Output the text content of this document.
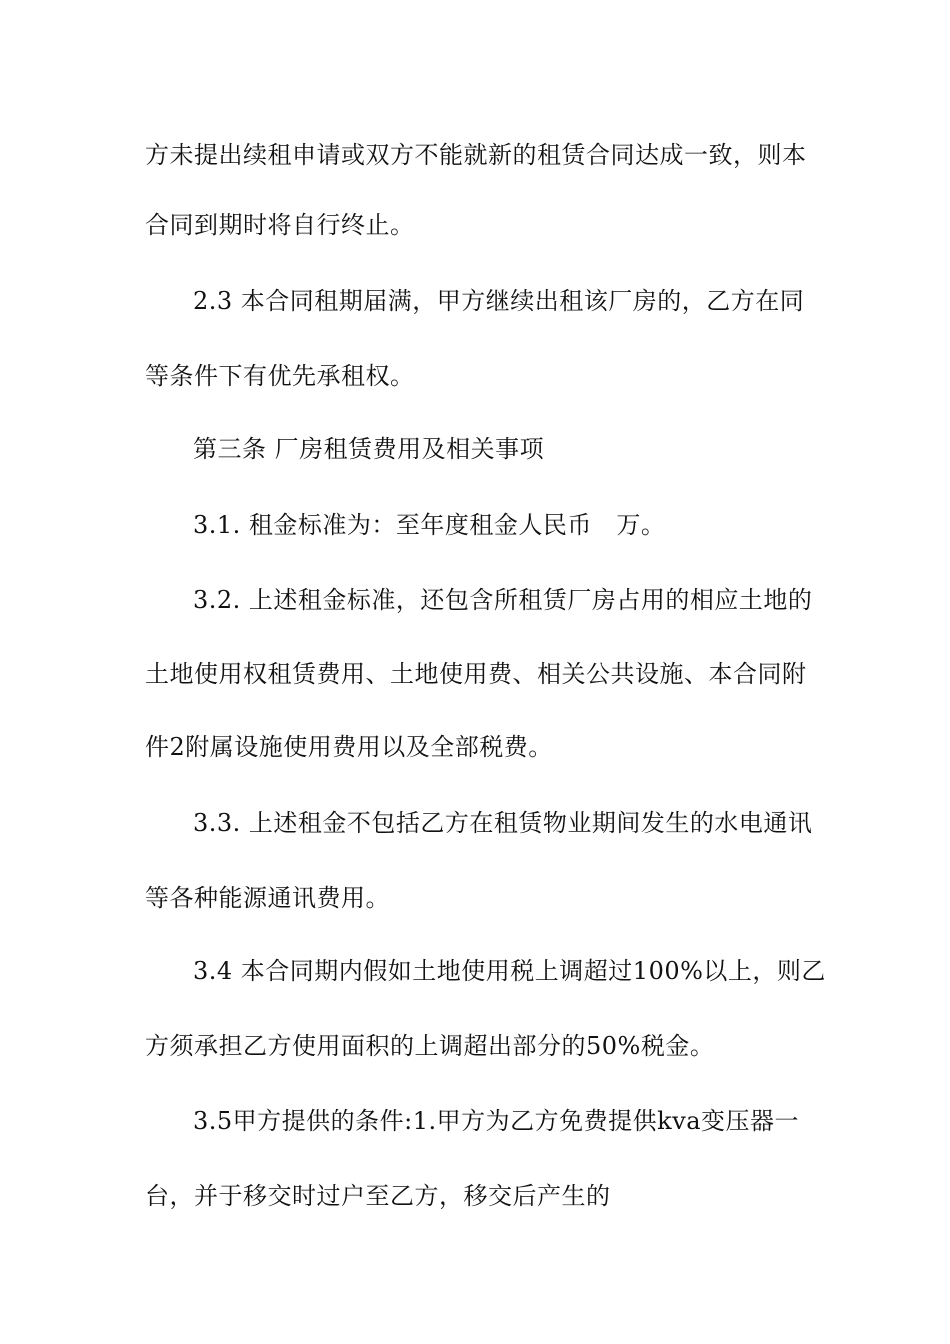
方未提出续租申请或双方不能就新的租赁合同达成一致，则本
合同到期时将自行终止。
2.3 本合同租期届满，甲方继续出租该厂房的，乙方在同
等条件下有优先承租权。
第三条 厂房租赁费用及相关事项
3.1. 租金标准为：至年度租金人民币　万。
3.2. 上述租金标准，还包含所租赁厂房占用的相应土地的
土地使用权租赁费用、土地使用费、相关公共设施、本合同附
件2附属设施使用费用以及全部税费。
3.3. 上述租金不包括乙方在租赁物业期间发生的水电通讯
等各种能源通讯费用。
3.4 本合同期内假如土地使用税上调超过100%以上，则乙
方须承担乙方使用面积的上调超出部分的50%税金。
3.5甲方提供的条件:1.甲方为乙方免费提供kva变压器一
台，并于移交时过户至乙方，移交后产生的
